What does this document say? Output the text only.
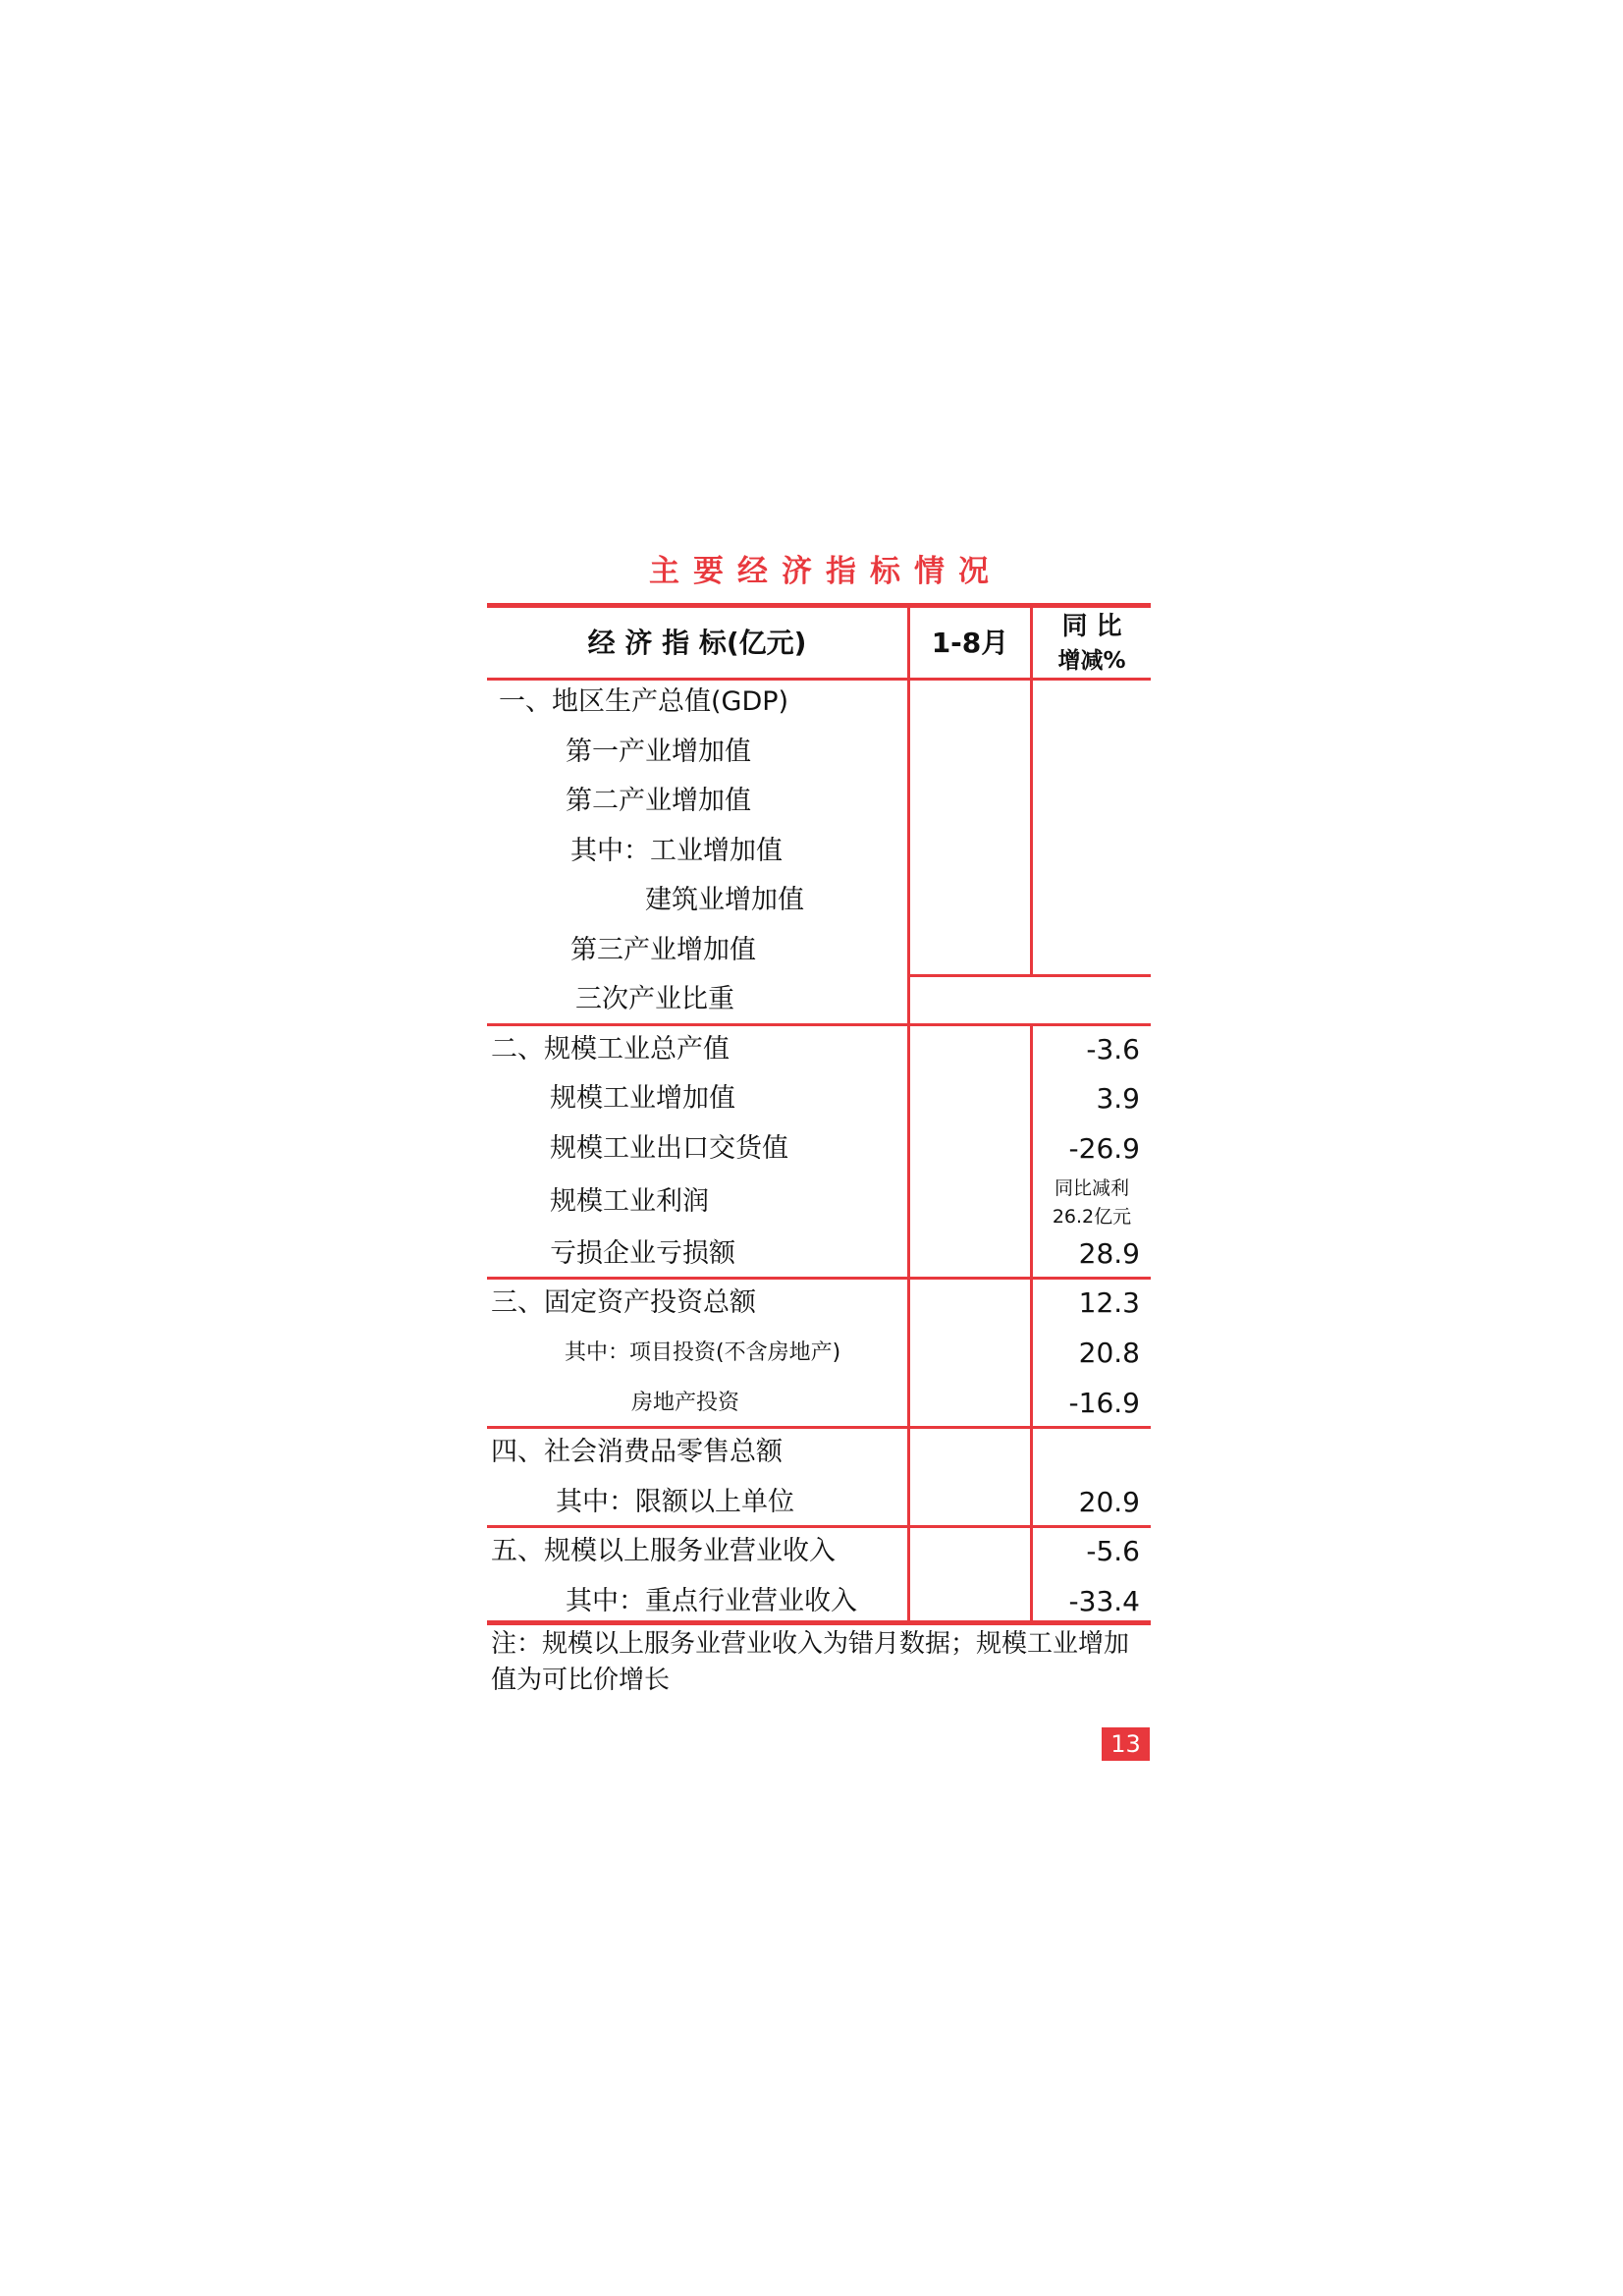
主要经济指标情况
经 济 指 标(亿元)	1-8月	同 比
增减%
一、地区生产总值(GDP)
第一产业增加值
第二产业增加值
其中：工业增加值
建筑业增加值
第三产业增加值
三次产业比重
二、规模工业总产值
规模工业增加值
规模工业出口交货值
规模工业利润
亏损企业亏损额
三、固定资产投资总额
其中：项目投资(不含房地产)
房地产投资
四、社会消费品零售总额
其中：限额以上单位
五、规模以上服务业营业收入
其中：重点行业营业收入
-3.6
3.9
-26.9
同比减利
26.2亿元
28.9
12.3
20.8
-16.9
20.9
-5.6
-33.4
注：规模以上服务业营业收入为错月数据；规模工业增加值为可比价增长
13
